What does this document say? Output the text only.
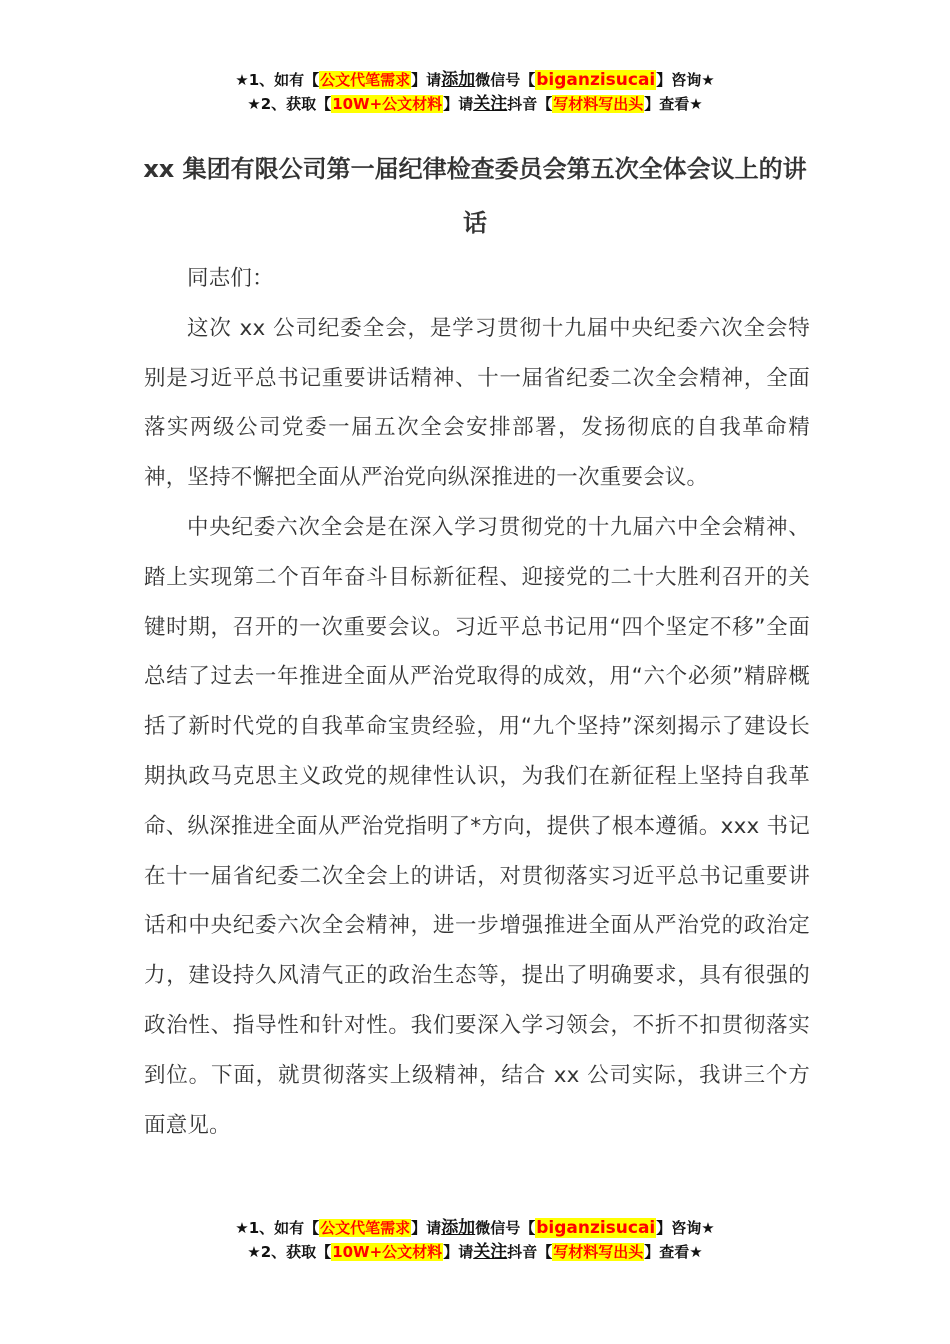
★1、如有【公文代笔需求】请添加微信号【biganzisucai】咨询★
★2、获取【10W+公文材料】请关注抖音【写材料写出头】查看★
xx 集团有限公司第一届纪律检查委员会第五次全体会议上的讲话

同志们：

这次 xx 公司纪委全会，是学习贯彻十九届中央纪委六次全会特别是习近平总书记重要讲话精神、十一届省纪委二次全会精神，全面落实两级公司党委一届五次全会安排部署，发扬彻底的自我革命精神，坚持不懈把全面从严治党向纵深推进的一次重要会议。

中央纪委六次全会是在深入学习贯彻党的十九届六中全会精神、踏上实现第二个百年奋斗目标新征程、迎接党的二十大胜利召开的关键时期，召开的一次重要会议。习近平总书记用“四个坚定不移”全面总结了过去一年推进全面从严治党取得的成效，用“六个必须”精辟概括了新时代党的自我革命宝贵经验，用“九个坚持”深刻揭示了建设长期执政马克思主义政党的规律性认识，为我们在新征程上坚持自我革命、纵深推进全面从严治党指明了*方向，提供了根本遵循。xxx 书记在十一届省纪委二次全会上的讲话，对贯彻落实习近平总书记重要讲话和中央纪委六次全会精神，进一步增强推进全面从严治党的政治定力，建设持久风清气正的政治生态等，提出了明确要求，具有很强的政治性、指导性和针对性。我们要深入学习领会，不折不扣贯彻落实到位。下面，就贯彻落实上级精神，结合 xx 公司实际，我讲三个方面意见。

★1、如有【公文代笔需求】请添加微信号【biganzisucai】咨询★
★2、获取【10W+公文材料】请关注抖音【写材料写出头】查看★
